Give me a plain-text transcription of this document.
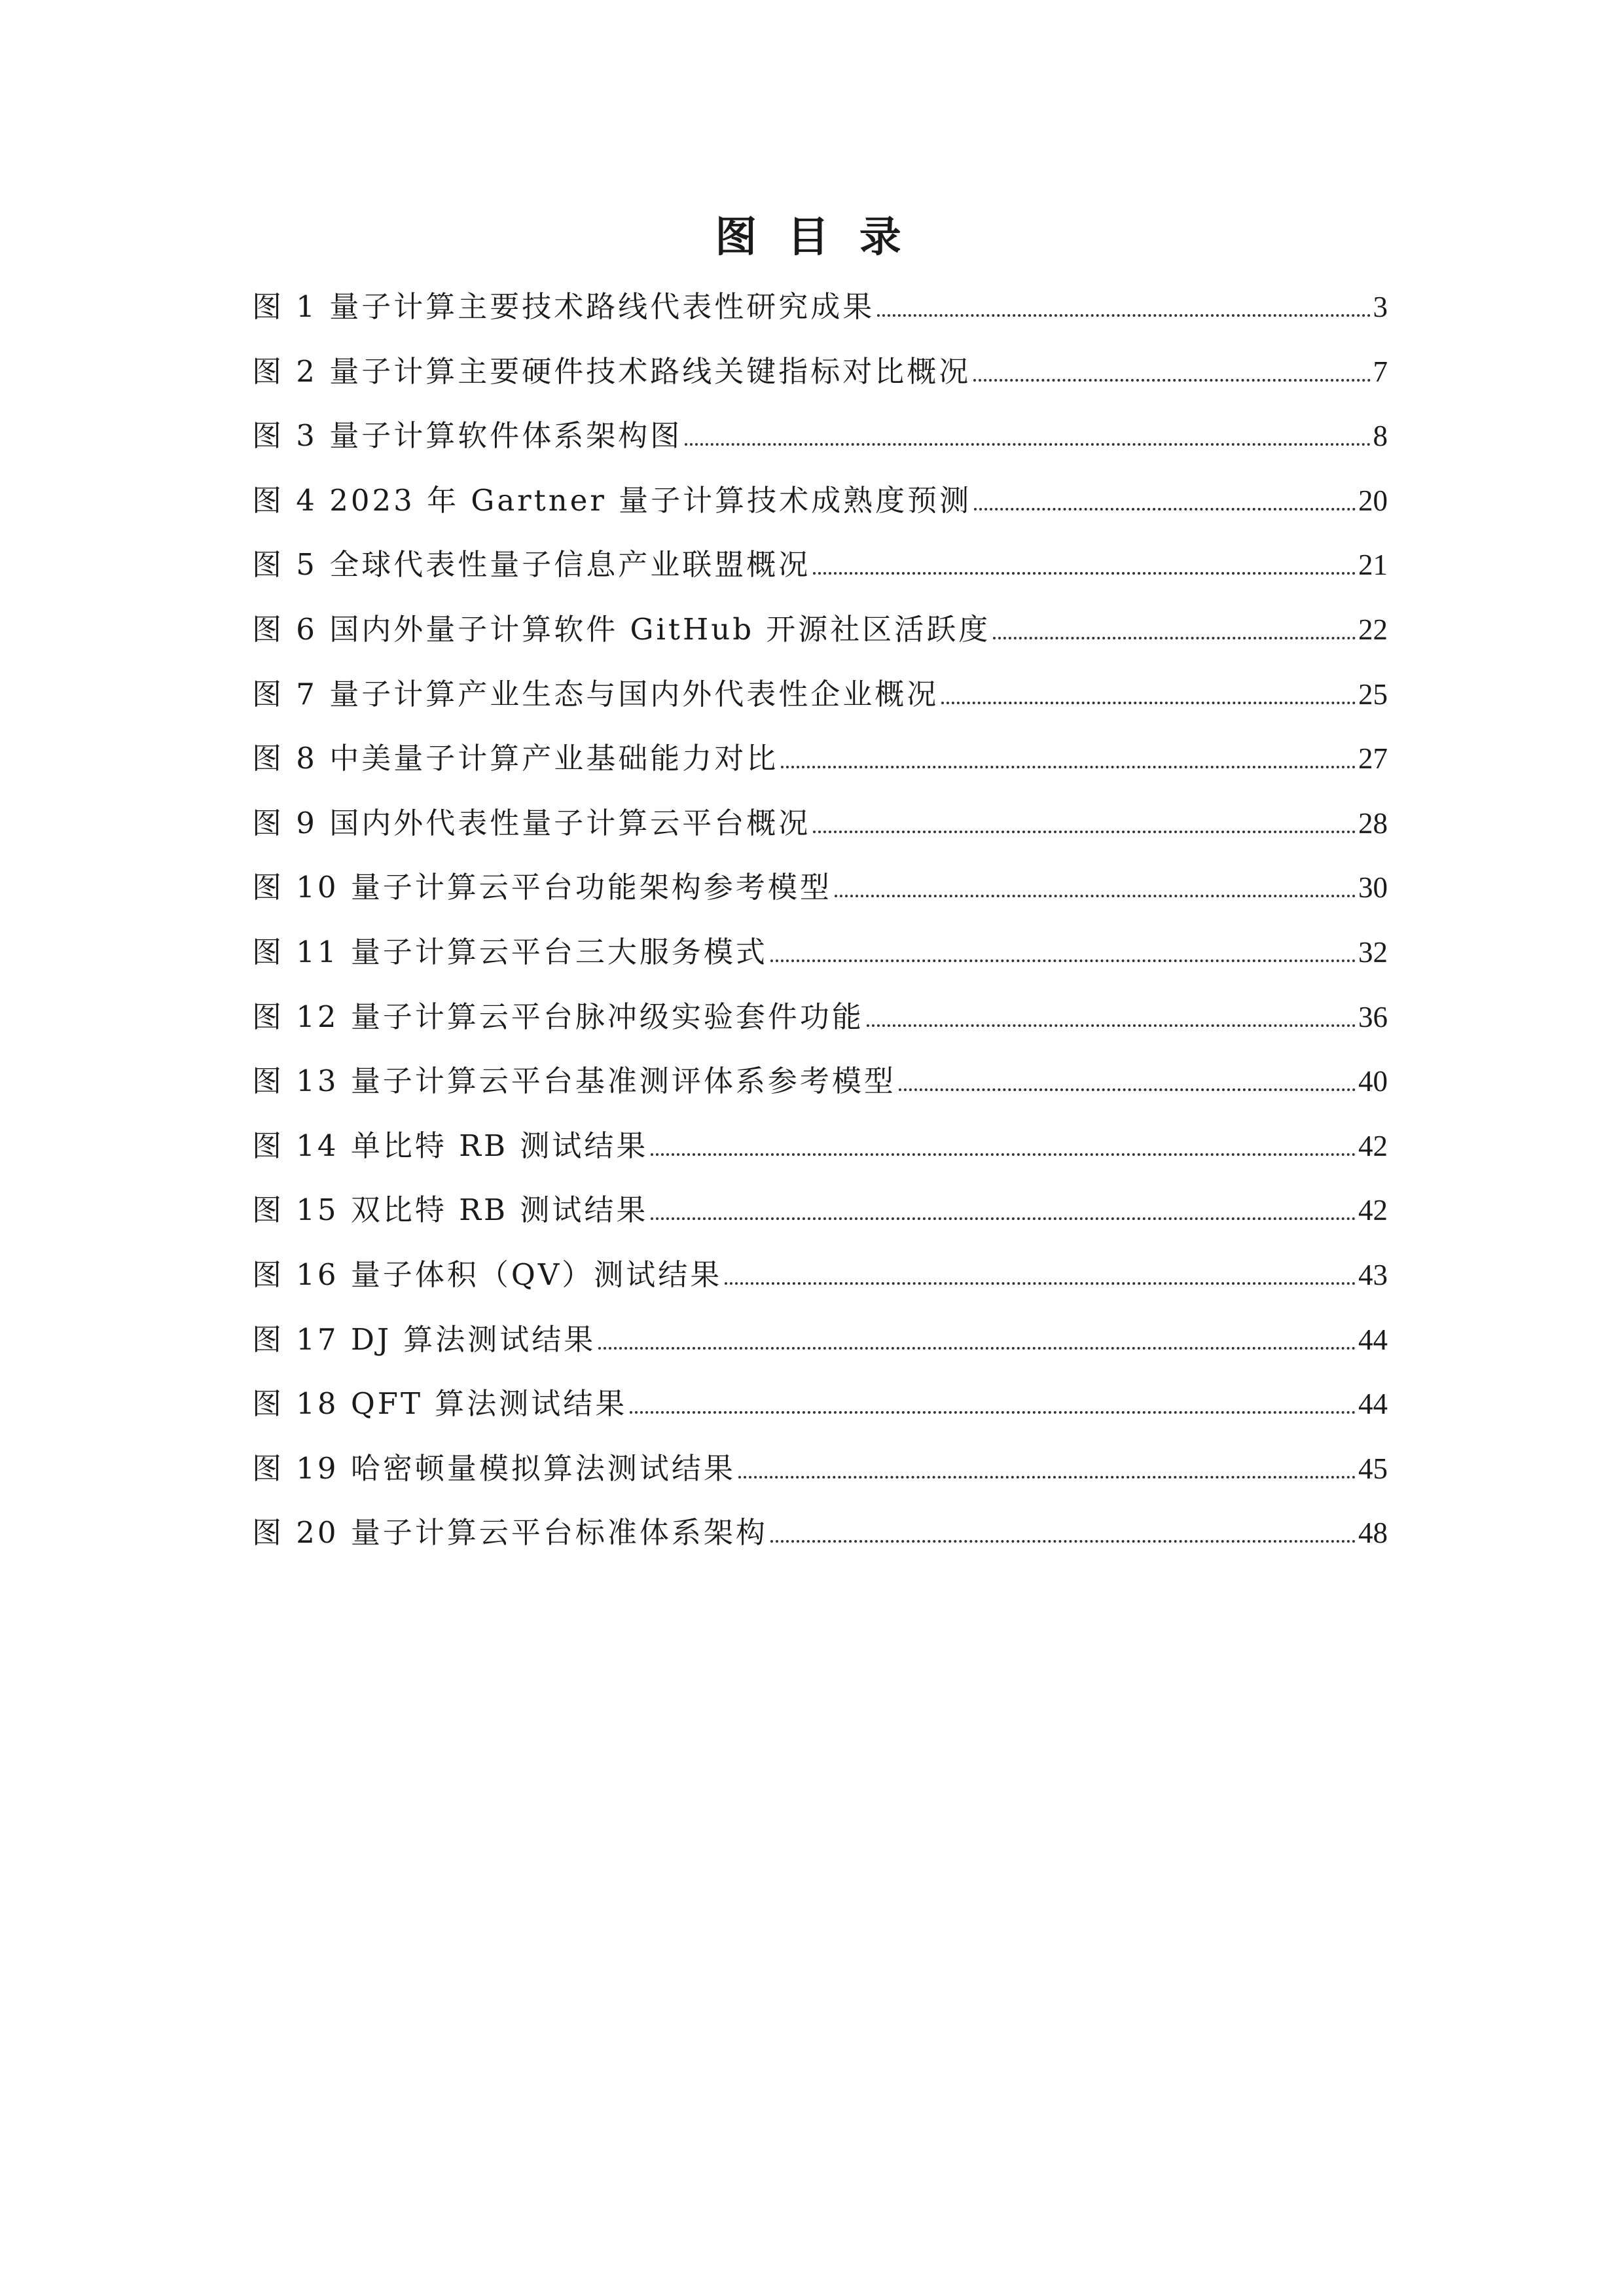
图 目 录
图 1 量子计算主要技术路线代表性研究成果	3
图 2 量子计算主要硬件技术路线关键指标对比概况	7
图 3 量子计算软件体系架构图	8
图 4 2023 年 Gartner 量子计算技术成熟度预测	20
图 5 全球代表性量子信息产业联盟概况	21
图 6 国内外量子计算软件 GitHub 开源社区活跃度	22
图 7 量子计算产业生态与国内外代表性企业概况	25
图 8 中美量子计算产业基础能力对比	27
图 9 国内外代表性量子计算云平台概况	28
图 10 量子计算云平台功能架构参考模型	30
图 11 量子计算云平台三大服务模式	32
图 12 量子计算云平台脉冲级实验套件功能	36
图 13 量子计算云平台基准测评体系参考模型	40
图 14 单比特 RB 测试结果	42
图 15 双比特 RB 测试结果	42
图 16 量子体积（QV）测试结果	43
图 17 DJ 算法测试结果	44
图 18 QFT 算法测试结果	44
图 19 哈密顿量模拟算法测试结果	45
图 20 量子计算云平台标准体系架构	48
